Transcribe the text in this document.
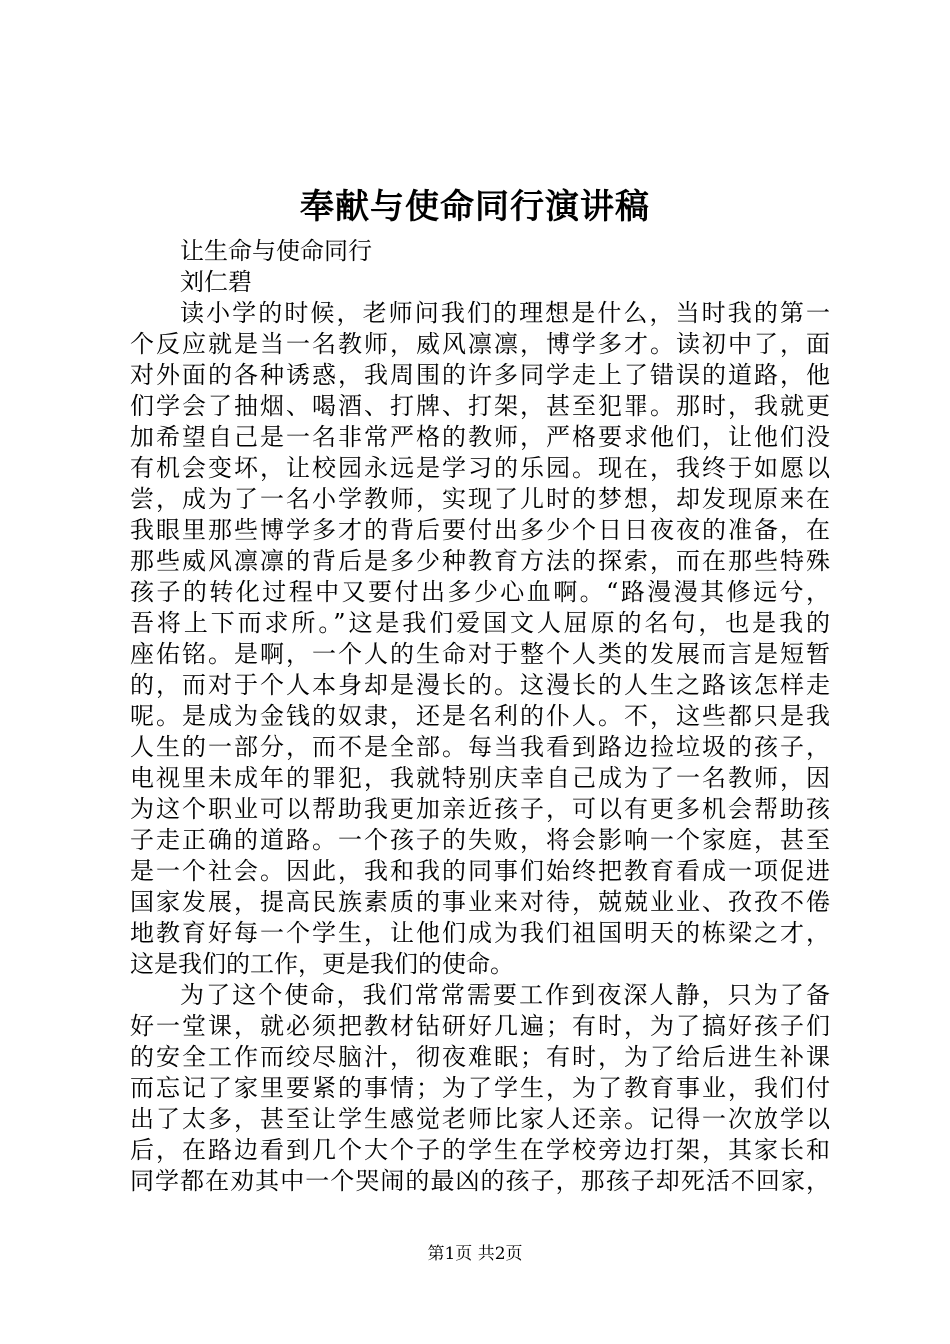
奉献与使命同行演讲稿
让生命与使命同行
刘仁碧
读小学的时候，老师问我们的理想是什么，当时我的第一
个反应就是当一名教师，威风凛凛，博学多才。读初中了，面
对外面的各种诱惑，我周围的许多同学走上了错误的道路，他
们学会了抽烟、喝酒、打牌、打架，甚至犯罪。那时，我就更
加希望自己是一名非常严格的教师，严格要求他们，让他们没
有机会变坏，让校园永远是学习的乐园。现在，我终于如愿以
尝，成为了一名小学教师，实现了儿时的梦想，却发现原来在
我眼里那些博学多才的背后要付出多少个日日夜夜的准备，在
那些威风凛凛的背后是多少种教育方法的探索，而在那些特殊
孩子的转化过程中又要付出多少心血啊。“路漫漫其修远兮，
吾将上下而求所。”这是我们爱国文人屈原的名句，也是我的
座佑铭。是啊，一个人的生命对于整个人类的发展而言是短暂
的，而对于个人本身却是漫长的。这漫长的人生之路该怎样走
呢。是成为金钱的奴隶，还是名利的仆人。不，这些都只是我
人生的一部分，而不是全部。每当我看到路边捡垃圾的孩子，
电视里未成年的罪犯，我就特别庆幸自己成为了一名教师，因
为这个职业可以帮助我更加亲近孩子，可以有更多机会帮助孩
子走正确的道路。一个孩子的失败，将会影响一个家庭，甚至
是一个社会。因此，我和我的同事们始终把教育看成一项促进
国家发展，提高民族素质的事业来对待，兢兢业业、孜孜不倦
地教育好每一个学生，让他们成为我们祖国明天的栋梁之才，
这是我们的工作，更是我们的使命。
为了这个使命，我们常常需要工作到夜深人静，只为了备
好一堂课，就必须把教材钻研好几遍；有时，为了搞好孩子们
的安全工作而绞尽脑汁，彻夜难眠；有时，为了给后进生补课
而忘记了家里要紧的事情；为了学生，为了教育事业，我们付
出了太多，甚至让学生感觉老师比家人还亲。记得一次放学以
后，在路边看到几个大个子的学生在学校旁边打架，其家长和
同学都在劝其中一个哭闹的最凶的孩子，那孩子却死活不回家，
第1页 共2页
